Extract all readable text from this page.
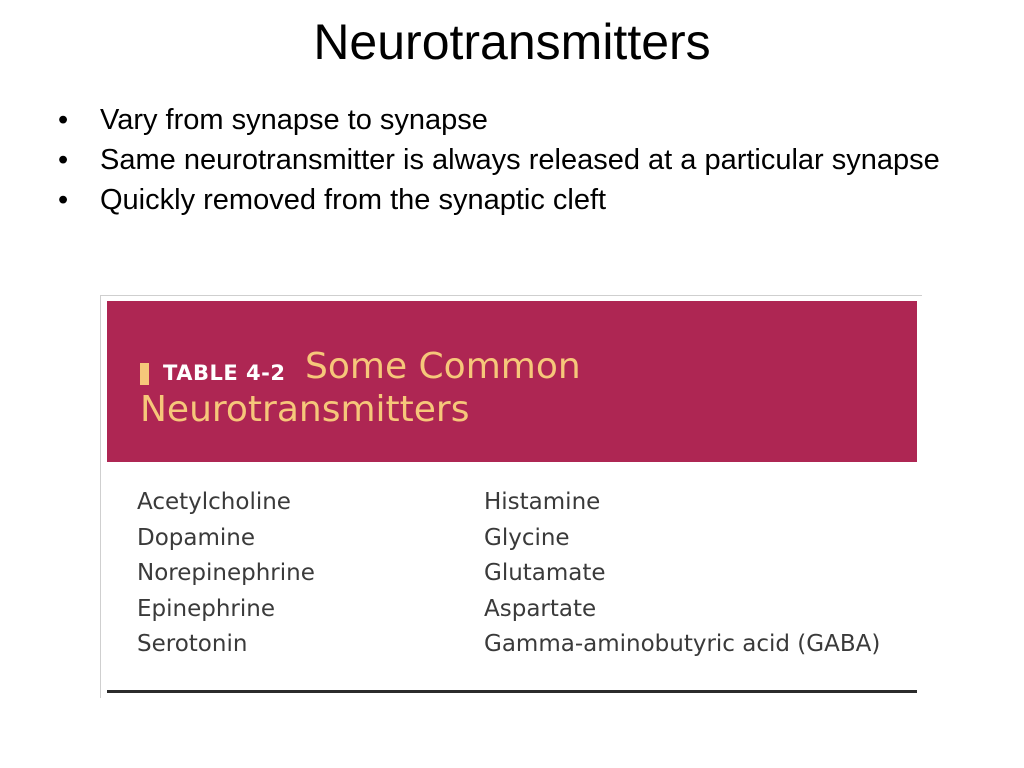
Neurotransmitters
• Vary from synapse to synapse
• Same neurotransmitter is always released at a particular synapse
• Quickly removed from the synaptic cleft
Some Common Neurotransmitters
TABLE 4-2
Acetylcholine
Dopamine
Norepinephrine
Epinephrine
Serotonin
Histamine
Glycine
Glutamate
Aspartate
Gamma-aminobutyric acid (GABA)
